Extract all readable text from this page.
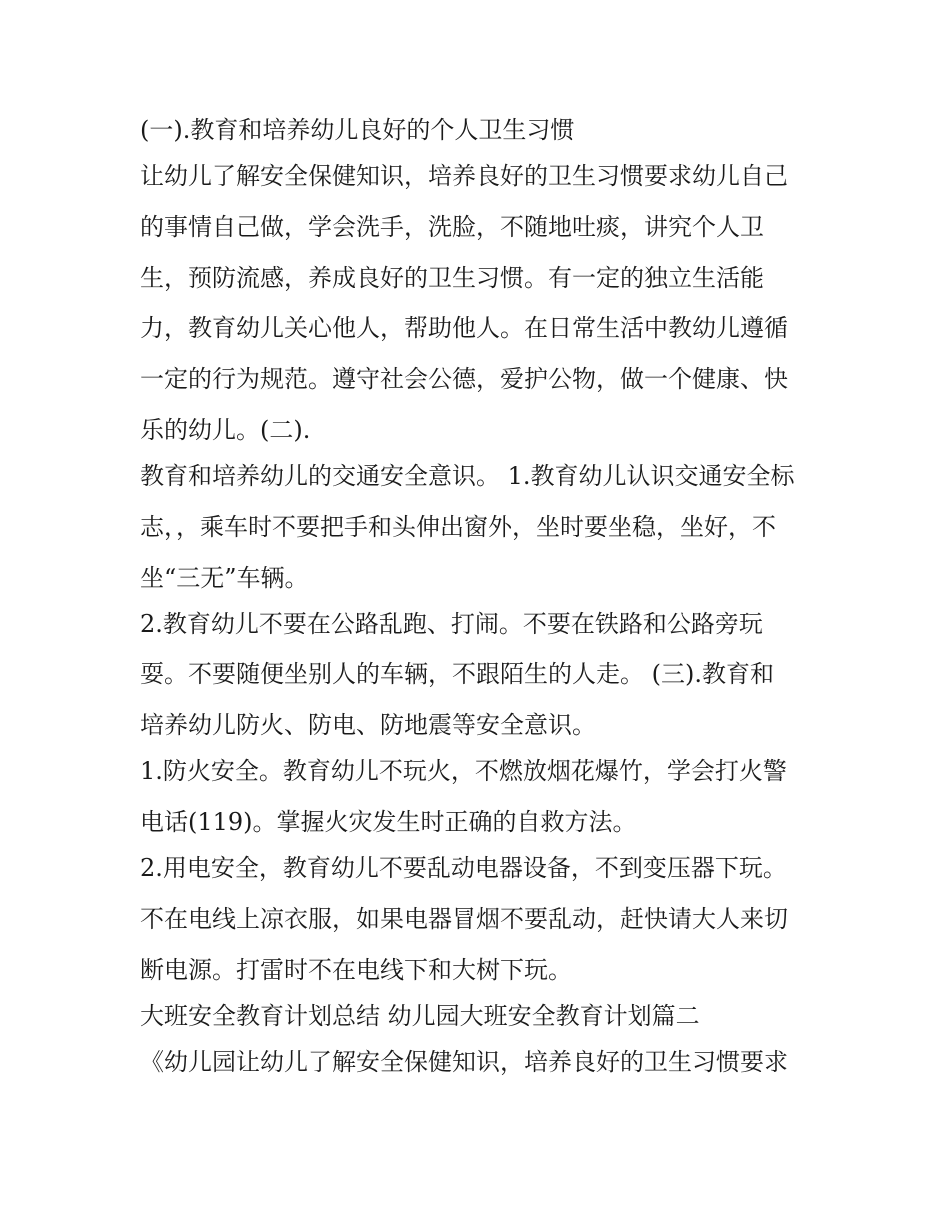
(一).教育和培养幼儿良好的个人卫生习惯
让幼儿了解安全保健知识，培养良好的卫生习惯要求幼儿自己
的事情自己做，学会洗手，洗脸，不随地吐痰，讲究个人卫
生，预防流感，养成良好的卫生习惯。有一定的独立生活能
力，教育幼儿关心他人，帮助他人。在日常生活中教幼儿遵循
一定的行为规范。遵守社会公德，爱护公物，做一个健康、快
乐的幼儿。(二).
教育和培养幼儿的交通安全意识。 1.教育幼儿认识交通安全标
志，，乘车时不要把手和头伸出窗外，坐时要坐稳，坐好，不
坐“三无”车辆。
2.教育幼儿不要在公路乱跑、打闹。不要在铁路和公路旁玩
耍。不要随便坐别人的车辆，不跟陌生的人走。 (三).教育和
培养幼儿防火、防电、防地震等安全意识。
1.防火安全。教育幼儿不玩火，不燃放烟花爆竹，学会打火警
电话(119)。掌握火灾发生时正确的自救方法。
2.用电安全，教育幼儿不要乱动电器设备，不到变压器下玩。
不在电线上凉衣服，如果电器冒烟不要乱动，赶快请大人来切
断电源。打雷时不在电线下和大树下玩。
大班安全教育计划总结 幼儿园大班安全教育计划篇二
《幼儿园让幼儿了解安全保健知识，培养良好的卫生习惯要求
